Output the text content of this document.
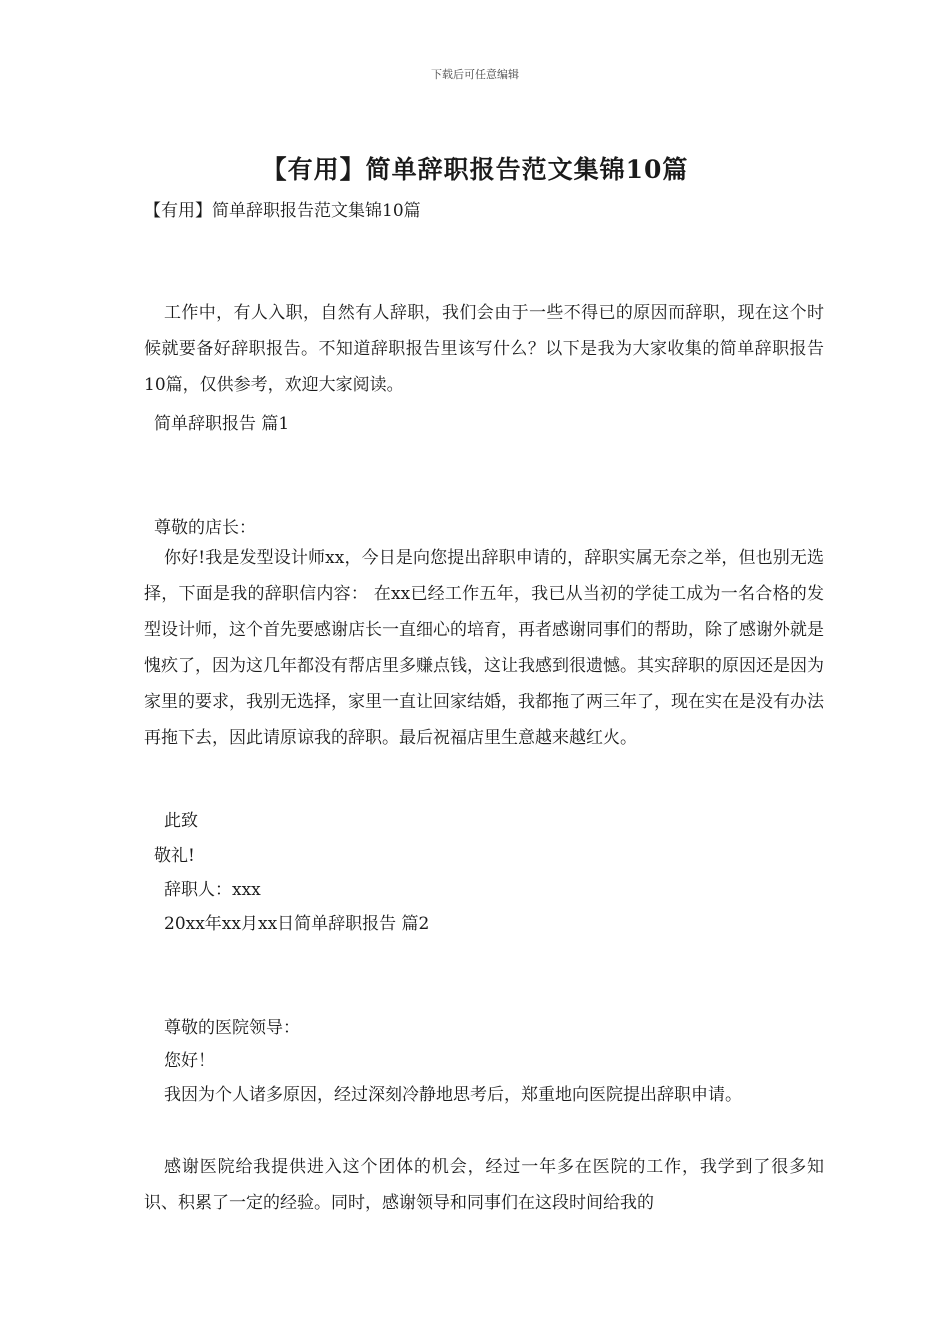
下载后可任意编辑
【有用】简单辞职报告范文集锦10篇
【有用】简单辞职报告范文集锦10篇
工作中，有人入职，自然有人辞职，我们会由于一些不得已的原因而辞职，现在这个时候就要备好辞职报告。不知道辞职报告里该写什么？以下是我为大家收集的简单辞职报告10篇，仅供参考，欢迎大家阅读。
简单辞职报告 篇1
尊敬的店长：
你好!我是发型设计师xx，今日是向您提出辞职申请的，辞职实属无奈之举，但也别无选择，下面是我的辞职信内容： 在xx已经工作五年，我已从当初的学徒工成为一名合格的发型设计师，这个首先要感谢店长一直细心的培育，再者感谢同事们的帮助，除了感谢外就是愧疚了，因为这几年都没有帮店里多赚点钱，这让我感到很遗憾。其实辞职的原因还是因为家里的要求，我别无选择，家里一直让回家结婚，我都拖了两三年了，现在实在是没有办法再拖下去，因此请原谅我的辞职。最后祝福店里生意越来越红火。
此致
敬礼!
辞职人：xxx
20xx年xx月xx日简单辞职报告 篇2
尊敬的医院领导：
您好！
我因为个人诸多原因，经过深刻冷静地思考后，郑重地向医院提出辞职申请。
感谢医院给我提供进入这个团体的机会，经过一年多在医院的工作，我学到了很多知识、积累了一定的经验。同时，感谢领导和同事们在这段时间给我的
